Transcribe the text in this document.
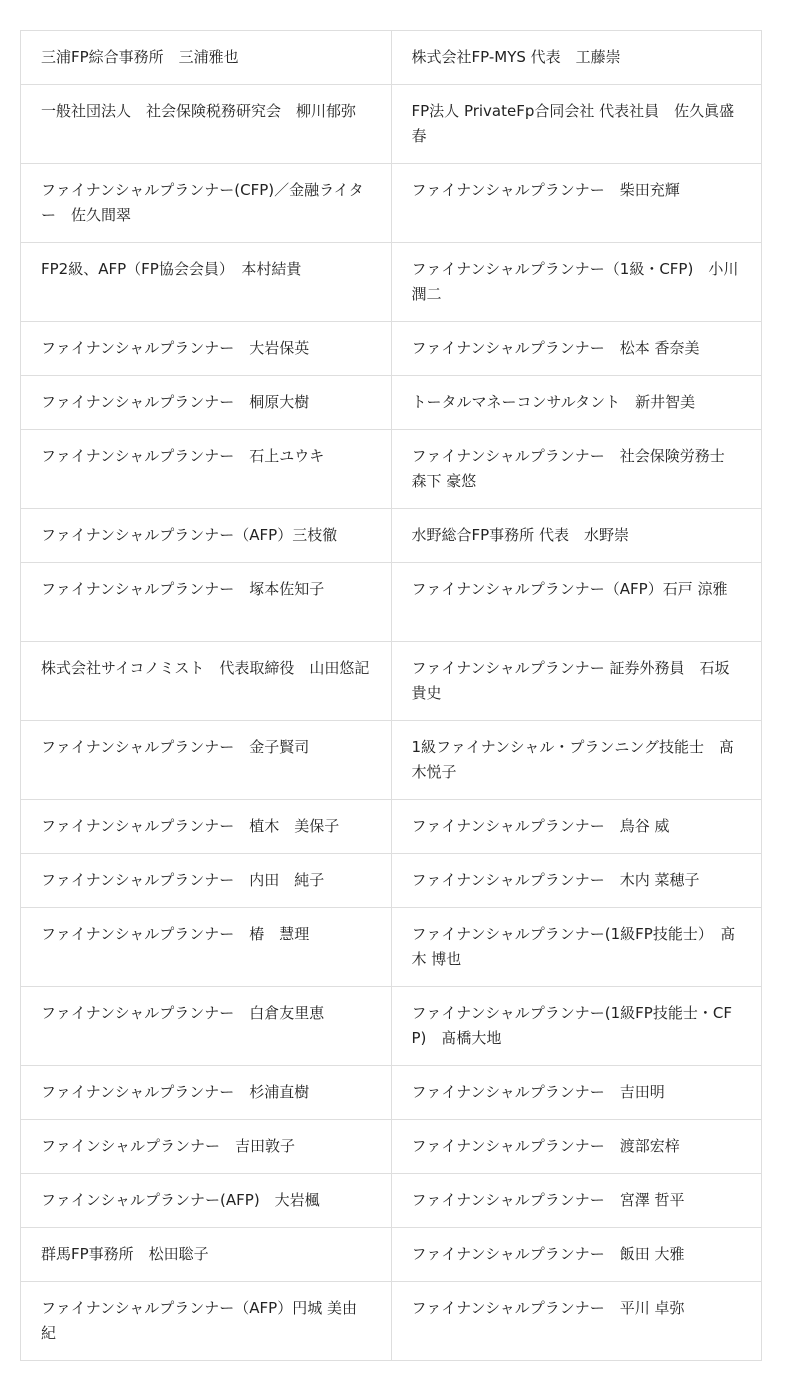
三浦FP綜合事務所　三浦雅也	株式会社FP-MYS 代表　工藤崇
一般社団法人　社会保険税務研究会　柳川郁弥	FP法人 PrivateFp合同会社 代表社員　佐久眞盛春
ファイナンシャルプランナー(CFP)／金融ライター　佐久間翠	ファイナンシャルプランナー　柴田充輝
FP2級、AFP（FP協会会員）　本村結貴	ファイナンシャルプランナー（1級・CFP)　小川 潤二
ファイナンシャルプランナー　大岩保英	ファイナンシャルプランナー　松本 香奈美
ファイナンシャルプランナー　桐原大樹	トータルマネーコンサルタント　新井智美
ファイナンシャルプランナー　石上ユウキ	ファイナンシャルプランナー　社会保険労務士　森下 豪悠
ファイナンシャルプランナー（AFP）三枝徹	水野総合FP事務所 代表　水野崇
ファイナンシャルプランナー　塚本佐知子	ファイナンシャルプランナー（AFP）石戸 涼雅
株式会社サイコノミスト　代表取締役　山田悠記	ファイナンシャルプランナー 証券外務員　石坂 貴史
ファイナンシャルプランナー　金子賢司	1級ファイナンシャル・プランニング技能士　髙木悦子
ファイナンシャルプランナー　植木　美保子	ファイナンシャルプランナー　鳥谷 威
ファイナンシャルプランナー　内田　純子	ファイナンシャルプランナー　木内 菜穂子
ファイナンシャルプランナー　椿　慧理	ファイナンシャルプランナー(1級FP技能士）　髙木 博也
ファイナンシャルプランナー　白倉友里恵	ファイナンシャルプランナー(1級FP技能士・CFP)　髙橋大地
ファイナンシャルプランナー　杉浦直樹	ファイナンシャルプランナー　吉田明
ファインシャルプランナー　吉田敦子	ファイナンシャルプランナー　渡部宏梓
ファインシャルプランナー(AFP)　大岩楓	ファイナンシャルプランナー　宮澤 哲平
群馬FP事務所　松田聡子	ファイナンシャルプランナー　飯田 大雅
ファイナンシャルプランナー（AFP）円城 美由紀	ファイナンシャルプランナー　平川 卓弥
